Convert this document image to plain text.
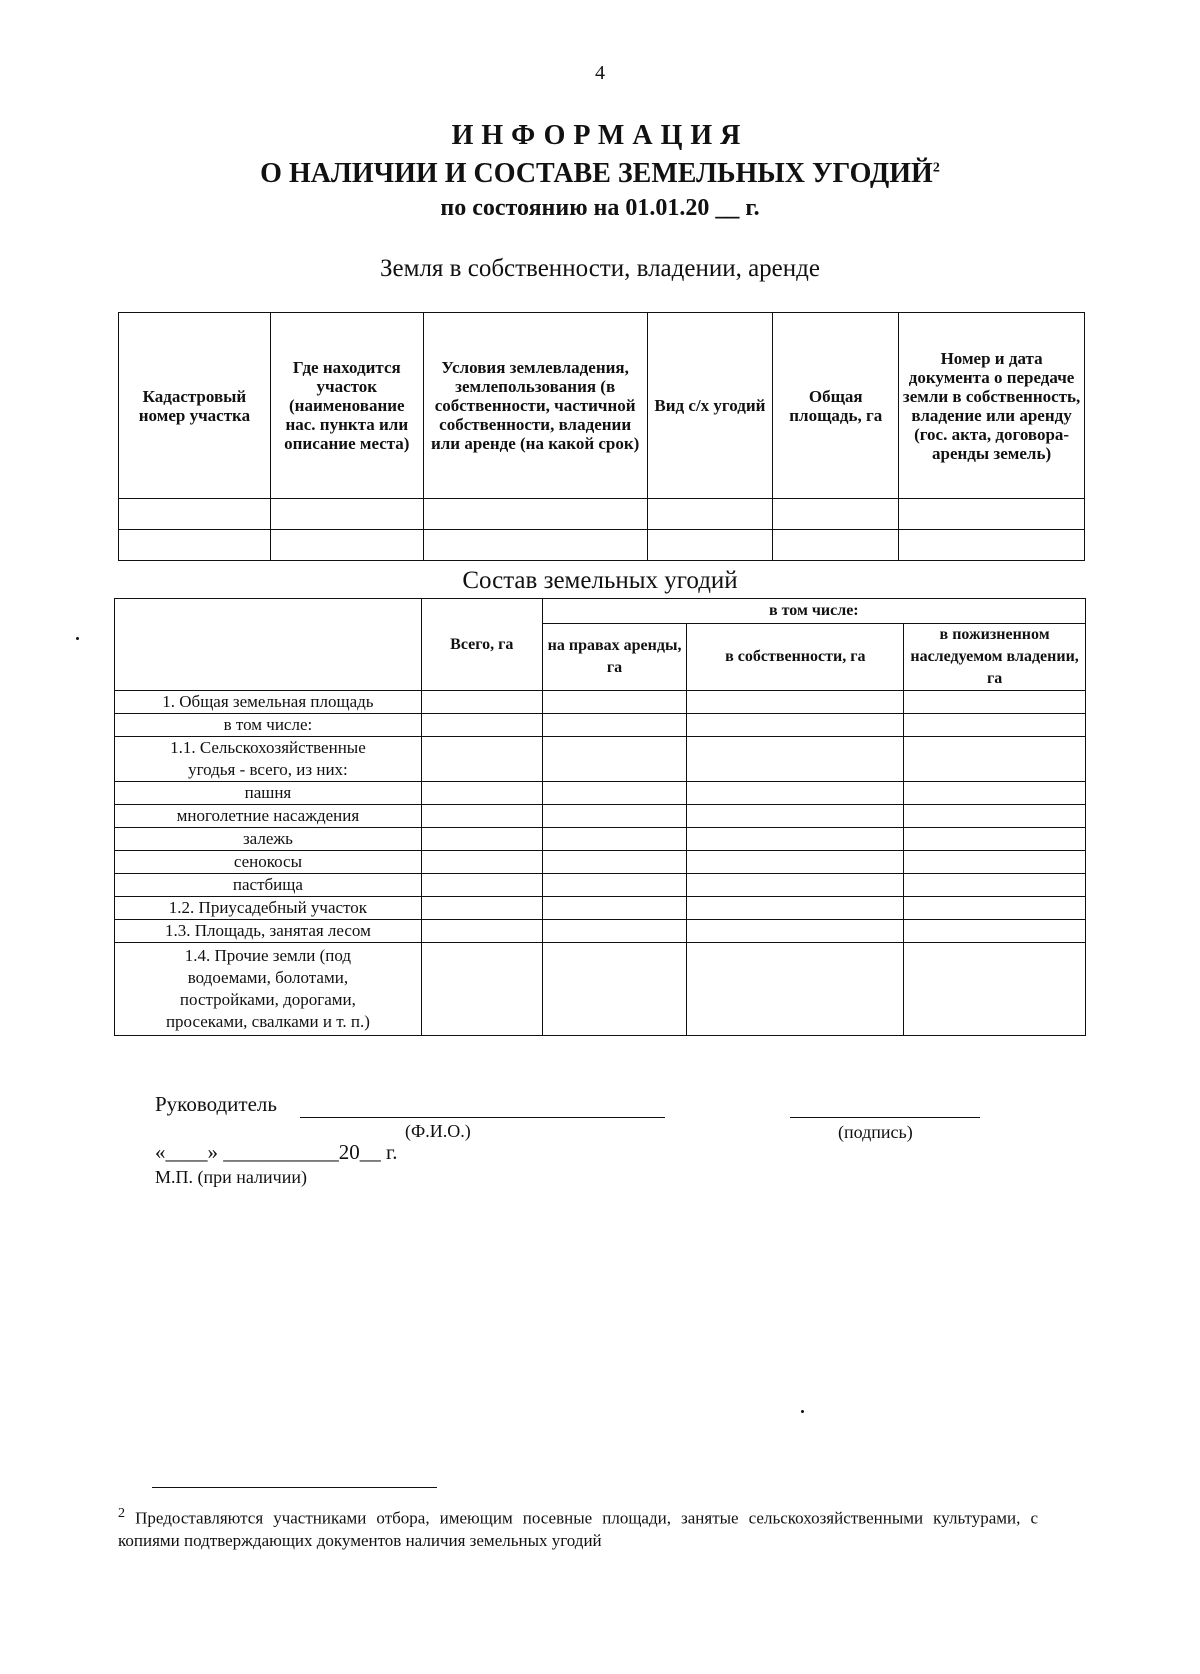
4
ИНФОРМАЦИЯ
О НАЛИЧИИ И СОСТАВЕ ЗЕМЕЛЬНЫХ УГОДИЙ$^2$
по состоянию на 01.01.20 __ г.
Земля в собственности, владении, аренде
Кадастровый номер участка	Где находится участок (наименование нас. пункта или описание места)	Условия землевладения, землепользования (в собственности, частичной собственности, владении или аренде (на какой срок)	Вид с/х угодий	Общая площадь, га	Номер и дата документа о передаче земли в собственность, владение или аренду (гос. акта, договора-аренды земель)

Состав земельных угодий
	Всего, га	в том числе:		
		на правах аренды, га	в собственности, га	в пожизненном наследуемом владении, га
1. Общая земельная площадь				
в том числе:				
1.1. Сельскохозяйственные угодья - всего, из них:				
пашня				
многолетние насаждения				
залежь				
сенокосы				
пастбища				
1.2. Приусадебный участок				
1.3. Площадь, занятая лесом				
1.4. Прочие земли (под водоемами, болотами, постройками, дорогами, просеками, свалками и т. п.)				
Руководитель
(Ф.И.О.)	(подпись)
«____» ___________20__ г.
М.П. (при наличии)
$^2$ Предоставляются участниками отбора, имеющим посевные площади, занятые сельскохозяйственными культурами, с копиями подтверждающих документов наличия земельных угодий
